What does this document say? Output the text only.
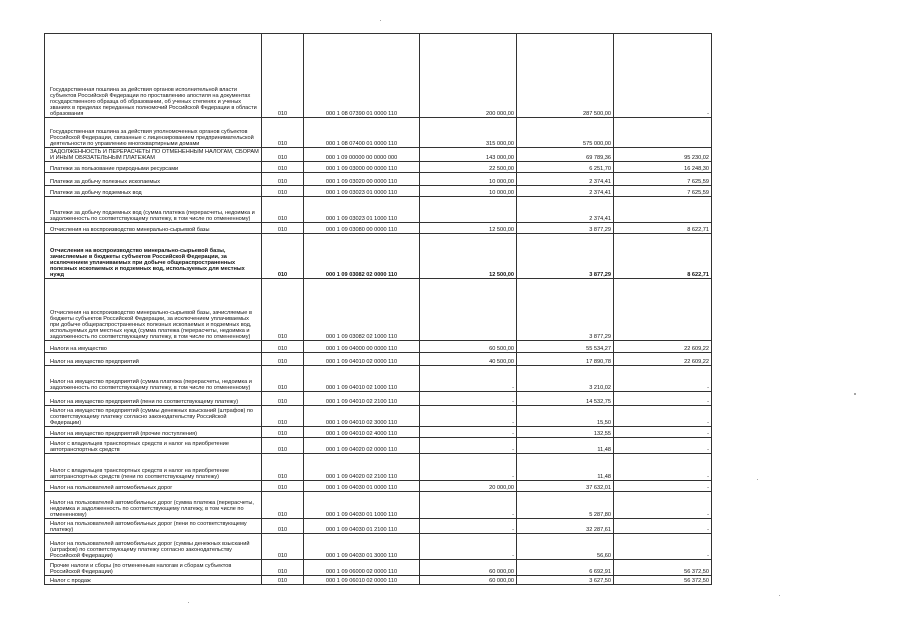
Государственная пошлина за действия органов исполнительной власти субъектов Российской Федерации по проставлению апостиля на документах государственного образца об образовании, об ученых степенях и ученых званиях в пределах переданных полномочий Российской Федерации в области образования	010	000 1 08 07390 01 0000 110	200 000,00	287 500,00	-
Государственная пошлина за действия уполномоченных органов субъектов Российской Федерации, связанные с лицензированием предпринимательской деятельности по управлению многоквартирными домами	010	000 1 08 07400 01 0000 110	315 000,00	575 000,00	
ЗАДОЛЖЕННОСТЬ И ПЕРЕРАСЧЕТЫ ПО ОТМЕНЕННЫМ НАЛОГАМ, СБОРАМ И ИНЫМ ОБЯЗАТЕЛЬНЫМ ПЛАТЕЖАМ	010	000 1 09 00000 00 0000 000	143 000,00	69 789,36	95 230,02
Платежи за пользование природными ресурсами	010	000 1 09 03000 00 0000 110	22 500,00	6 251,70	16 248,30
Платежи за добычу полезных ископаемых	010	000 1 09 03020 00 0000 110	10 000,00	2 374,41	7 625,59
Платежи за добычу подземных вод	010	000 1 09 03023 01 0000 110	10 000,00	2 374,41	7 625,59
Платежи за добычу подземных вод (сумма платежа (перерасчеты, недоимка и задолженность по соответствующему платежу, в том числе по отмененному)	010	000 1 09 03023 01 1000 110		2 374,41	
Отчисления на воспроизводство минерально-сырьевой базы	010	000 1 09 03080 00 0000 110	12 500,00	3 877,29	8 622,71
Отчисления на воспроизводство минерально-сырьевой базы, зачисляемые в бюджеты субъектов Российской Федерации, за исключением уплачиваемых при добыче общераспространенных полезных ископаемых и подземных вод, используемых для местных нужд	010	000 1 09 03082 02 0000 110	12 500,00	3 877,29	8 622,71
Отчисления на воспроизводство минерально-сырьевой базы, зачисляемые в бюджеты субъектов Российской Федерации, за исключением уплачиваемых при добыче общераспространенных полезных ископаемых и подземных вод, используемых для местных нужд (сумма платежа (перерасчеты, недоимка и задолженность по соответствующему платежу, в том числе по отмененному)	010	000 1 09 03082 02 1000 110		3 877,29	
Налоги на имущество	010	000 1 09 04000 00 0000 110	60 500,00	55 534,27	22 609,22
Налог на имущество предприятий	010	000 1 09 04010 02 0000 110	40 500,00	17 890,78	22 609,22
Налог на имущество предприятий (сумма платежа (перерасчеты, недоимка и задолженность по соответствующему платежу, в том числе по отмененному)	010	000 1 09 04010 02 1000 110	-	3 210,02	-
Налог на имущество предприятий (пени по соответствующему платежу)	010	000 1 09 04010 02 2100 110	-	14 532,75	-
Налог на имущество предприятий (суммы денежных взысканий (штрафов) по соответствующему платежу согласно законодательству Российской Федерации)	010	000 1 09 04010 02 3000 110	-	15,50	-
Налог на имущество предприятий (прочие поступления)	010	000 1 09 04010 02 4000 110	-	132,55	-
Налог с владельцев транспортных средств и налог на приобретение автотранспортных средств	010	000 1 09 04020 02 0000 110	-	11,48	-
Налог с владельцев транспортных средств и налог на приобретение автотранспортных средств (пени по соответствующему платежу)	010	000 1 09 04020 02 2100 110	-	11,48	-
Налог на пользователей автомобильных дорог	010	000 1 09 04030 01 0000 110	20 000,00	37 632,01	-
Налог на пользователей автомобильных дорог (сумма платежа (перерасчеты, недоимка и задолженность по соответствующему платежу, в том числе по отмененному)	010	000 1 09 04030 01 1000 110	-	5 287,80	-
Налог на пользователей автомобильных дорог (пени по соответствующему платежу)	010	000 1 09 04030 01 2100 110	-	32 287,61	-
Налог на пользователей автомобильных дорог (суммы денежных взысканий (штрафов) по соответствующему платежу согласно законодательству Российской Федерации)	010	000 1 09 04030 01 3000 110	-	56,60	-
Прочие налоги и сборы (по отмененным налогам и сборам субъектов Российской Федерации)	010	000 1 09 06000 02 0000 110	60 000,00	6 692,91	56 372,50
Налог с продаж	010	000 1 09 06010 02 0000 110	60 000,00	3 627,50	56 372,50
